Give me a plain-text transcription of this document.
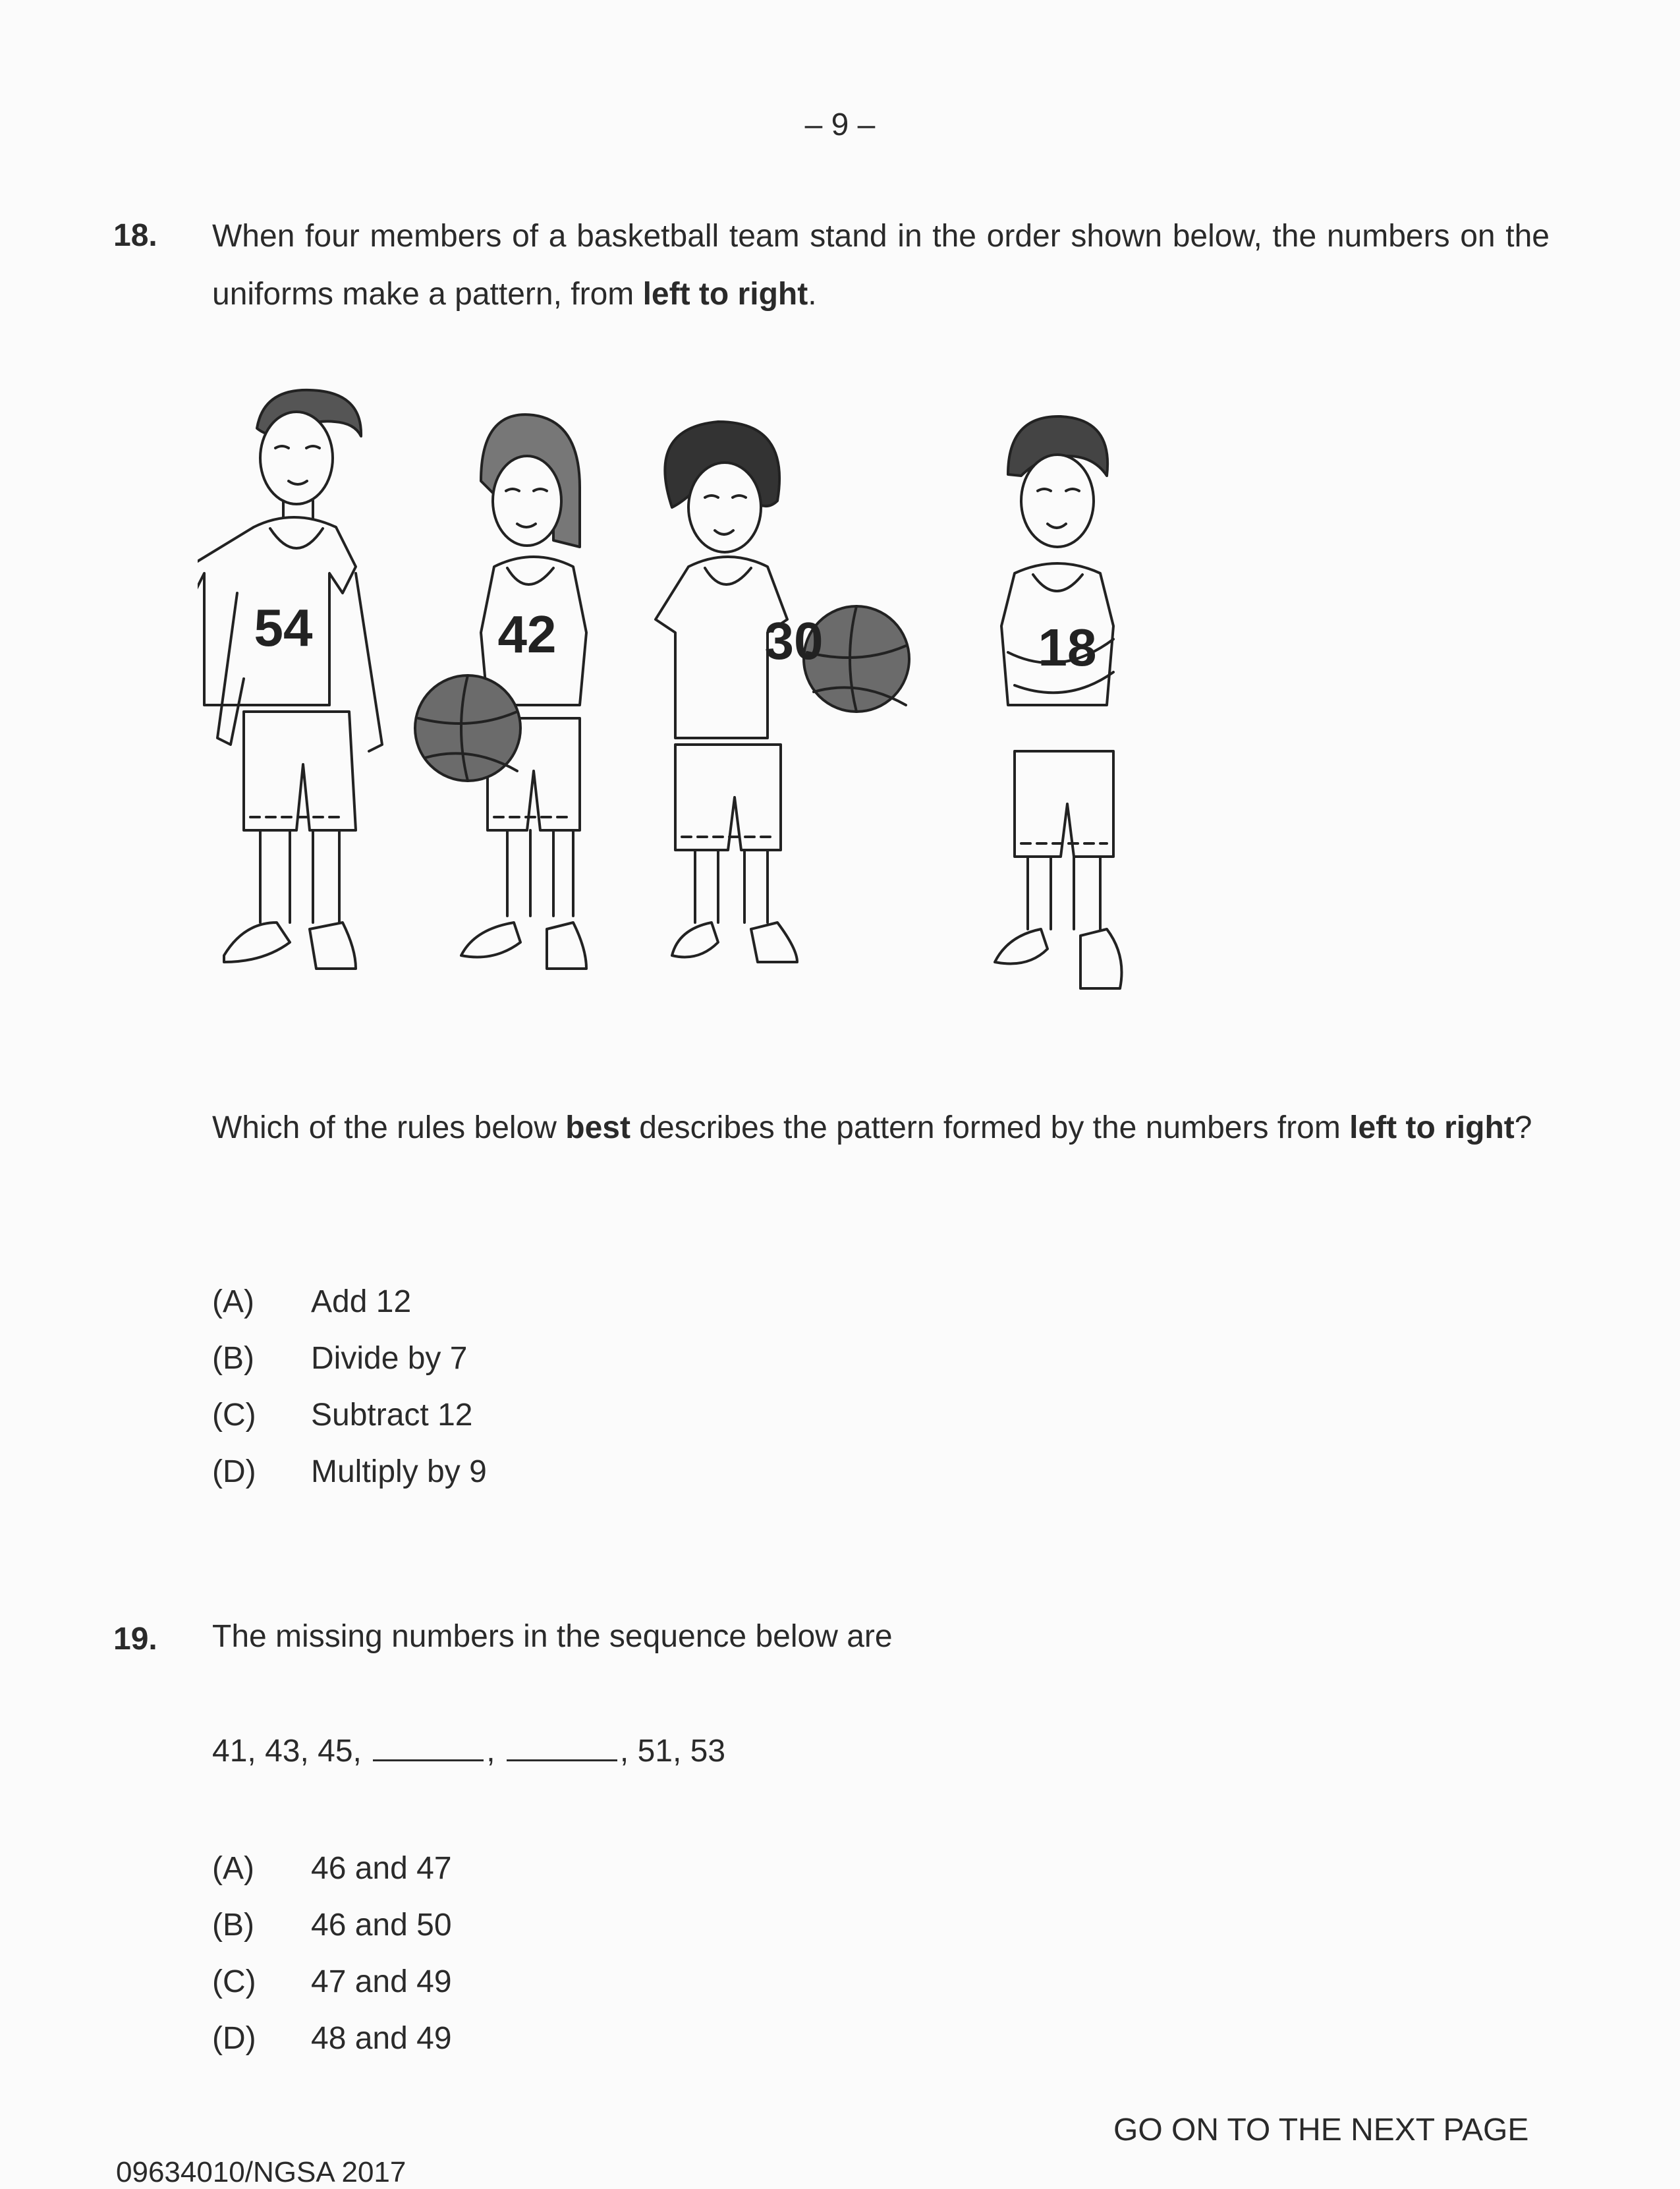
– 9 –
18. When four members of a basketball team stand in the order shown below, the numbers on the uniforms make a pattern, from left to right.
54	42	30	18
Which of the rules below best describes the pattern formed by the numbers from left to right?
(A) Add 12
(B) Divide by 7
(C) Subtract 12
(D) Multiply by 9
19. The missing numbers in the sequence below are
41, 43, 45,	,	, 51, 53
(A) 46 and 47
(B) 46 and 50
(C) 47 and 49
(D) 48 and 49
GO ON TO THE NEXT PAGE
09634010/NGSA 2017
